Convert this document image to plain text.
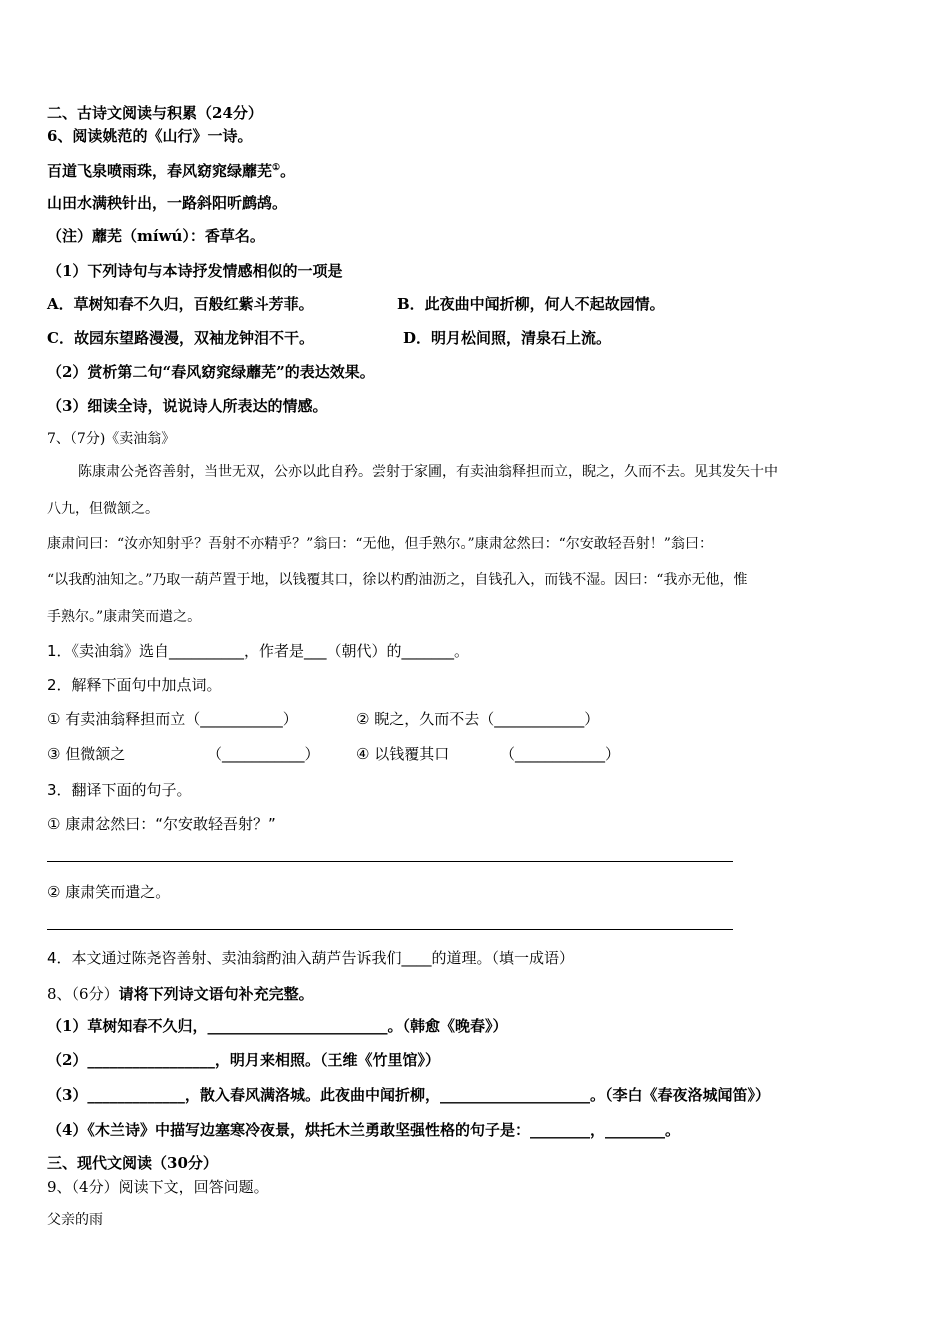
二、古诗文阅读与积累（24分）
6、阅读姚范的《山行》一诗。
百道飞泉喷雨珠，春风窈窕绿蘼芜①。
山田水满秧针出，一路斜阳听鹧鸪。
（注）蘼芜（míwú）：香草名。
（1）下列诗句与本诗抒发情感相似的一项是
A．草树知春不久归，百般红紫斗芳菲。	B．此夜曲中闻折柳，何人不起故园情。
C．故园东望路漫漫，双袖龙钟泪不干。	D．明月松间照，清泉石上流。
（2）赏析第二句“春风窈窕绿蘼芜”的表达效果。
（3）细读全诗，说说诗人所表达的情感。
7、（7分)《卖油翁》
陈康肃公尧咨善射，当世无双，公亦以此自矜。尝射于家圃，有卖油翁释担而立，睨之，久而不去。见其发矢十中
八九，但微颔之。
康肃问曰：“汝亦知射乎？吾射不亦精乎？”翁曰：“无他，但手熟尔。”康肃忿然曰：“尔安敢轻吾射！”翁曰：
“以我酌油知之。”乃取一葫芦置于地，以钱覆其口，徐以杓酌油沥之，自钱孔入，而钱不湿。因曰：“我亦无他，惟
手熟尔。”康肃笑而遣之。
1．《卖油翁》选自__________，作者是___（朝代）的_______。
2．解释下面句中加点词。
① 有卖油翁释担而立（___________）	② 睨之，久而不去（____________）
③ 但微颔之	（___________） ④ 以钱覆其口	（____________）
3．翻译下面的句子。
① 康肃忿然曰：“尔安敢轻吾射？”
② 康肃笑而遣之。
4．本文通过陈尧咨善射、卖油翁酌油入葫芦告诉我们____的道理。（填一成语）
8、（6分）请将下列诗文语句补充完整。
（1）草树知春不久归，________________________。（韩愈《晚春》）
（2）_________________，明月来相照。（王维《竹里馆》）
（3）_____________，散入春风满洛城。此夜曲中闻折柳，____________________。（李白《春夜洛城闻笛》）
（4）《木兰诗》中描写边塞寒冷夜景，烘托木兰勇敢坚强性格的句子是：________，________。
三、现代文阅读（30分）
9、（4分）阅读下文，回答问题。
父亲的雨
